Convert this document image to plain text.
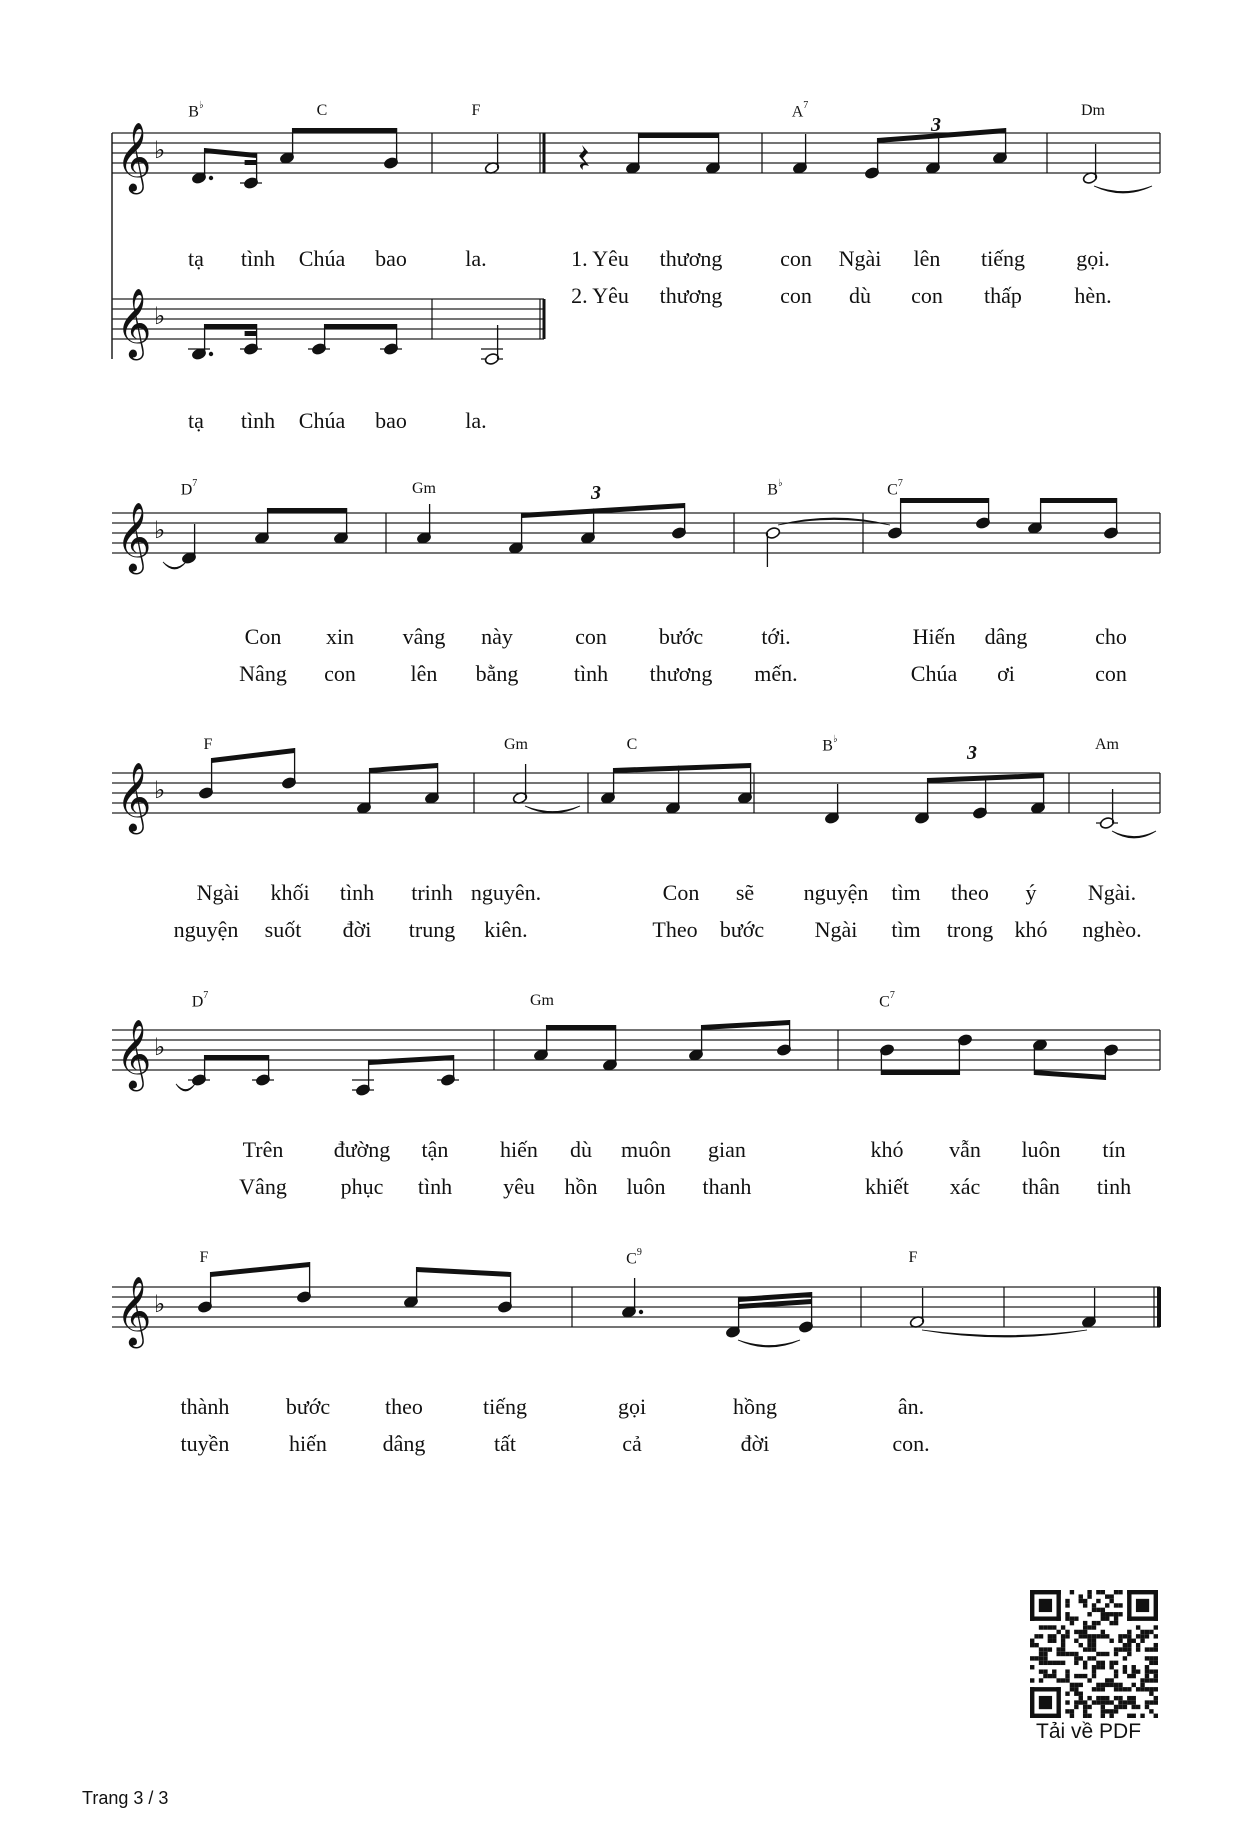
𝄞 ♭
3
𝄞 ♭
𝄞 ♭
3
𝄞 ♭
3
𝄞 ♭
𝄞 ♭
B♭	C	F	$A^7$	Dm
tạ tình Chúa bao	la.	1. Yêu
2. Yêu
thương
thương
con
con
Ngài
dù
lên
con
tiếng
thấp
gọi.
hèn.
tạ tình Chúa bao	la.
$D^7$	Gm	B♭	$C^7$
Con
Nâng
xin
con
vâng
lên
này
bằng
con
tình
bước
thương
tới.
mến.
Hiến
Chúa
dâng
ơi
cho
con
F	Gm	C	B♭	Am
Ngài khối tình trinh nguyên.	Con sẽ nguyện tìm theo ý Ngài.
nguyện suốt đời trung kiên.	Theo bước Ngài tìm trong khó nghèo.
$D^7$	Gm	$C^7$
Trên
Vâng
đường
phục
tận
tình
hiến
yêu
dù
hồn
muôn
luôn
gian
thanh
khó
khiết
vẫn
xác
luôn
thân
tín
tinh
F	$C^9$	F
thành
tuyền
bước
hiến
theo
dâng
tiếng
tất
gọi
cả
hồng
đời
ân.
con.
Tải về PDF
Trang 3 / 3
